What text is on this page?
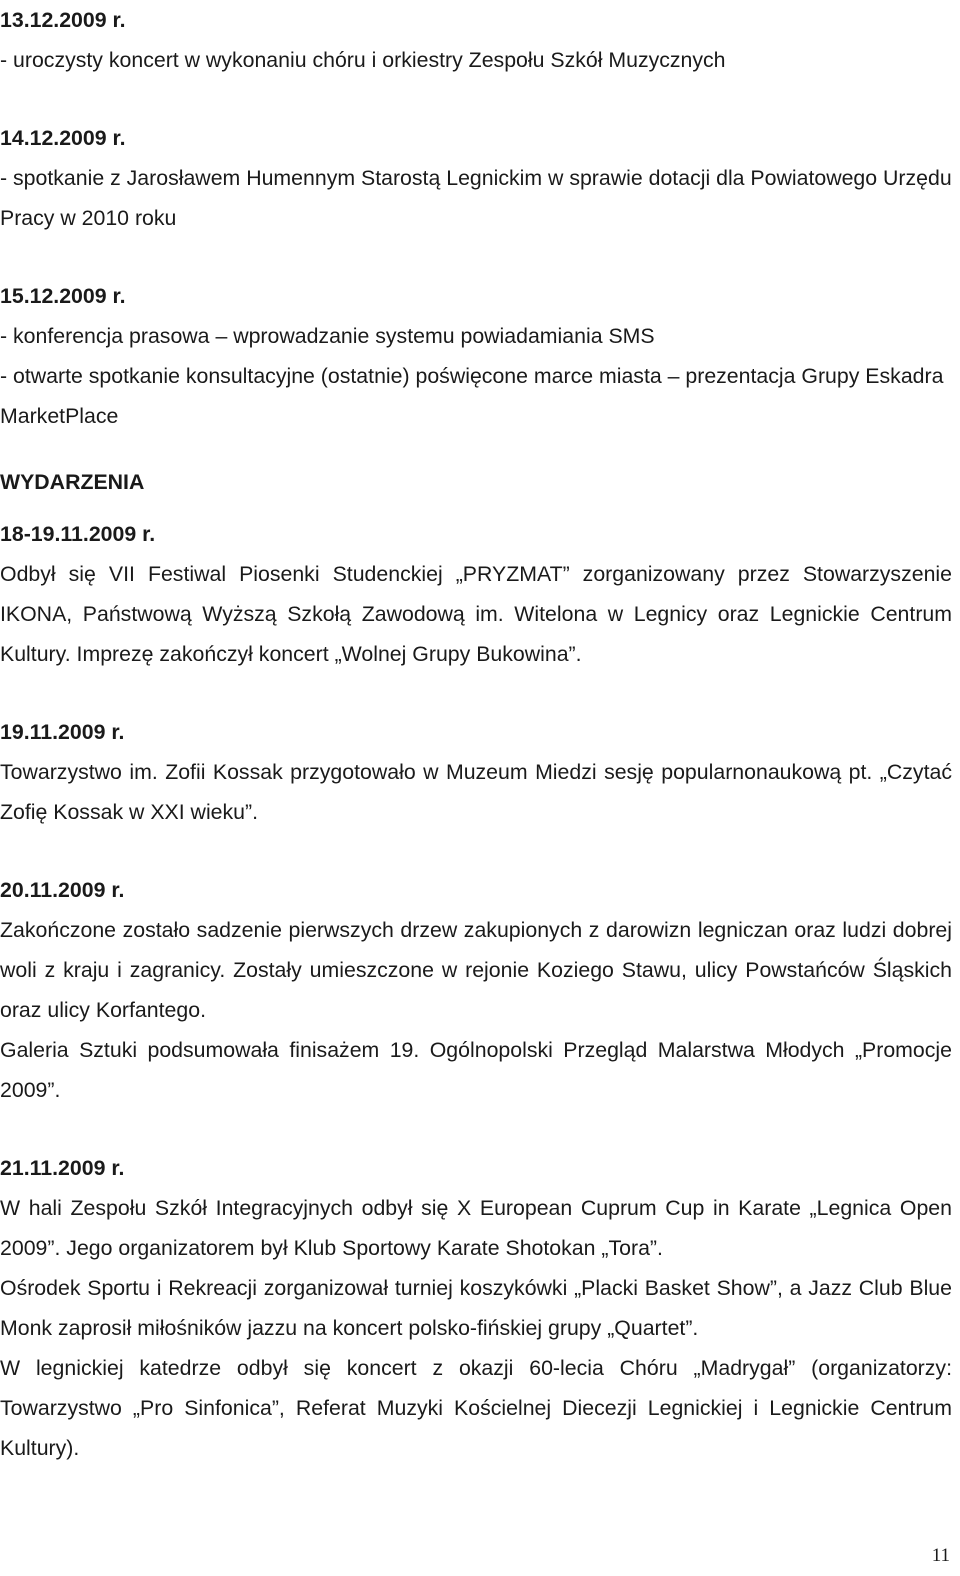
13.12.2009 r.

- uroczysty koncert w wykonaniu chóru i orkiestry Zespołu Szkół Muzycznych

14.12.2009 r.

- spotkanie z Jarosławem Humennym Starostą Legnickim w sprawie dotacji dla Powiatowego Urzędu Pracy w 2010 roku

15.12.2009 r.

- konferencja prasowa – wprowadzanie systemu powiadamiania SMS

- otwarte spotkanie konsultacyjne (ostatnie) poświęcone marce miasta – prezentacja Grupy Eskadra MarketPlace

WYDARZENIA

18-19.11.2009 r.

Odbył się VII Festiwal Piosenki Studenckiej „PRYZMAT” zorganizowany przez Stowarzyszenie IKONA, Państwową Wyższą Szkołą Zawodową im. Witelona w Legnicy oraz Legnickie Centrum Kultury. Imprezę zakończył koncert „Wolnej Grupy Bukowina”.

19.11.2009 r.

Towarzystwo im. Zofii Kossak przygotowało w Muzeum Miedzi sesję popularnonaukową pt. „Czytać Zofię Kossak w XXI wieku”.

20.11.2009 r.

Zakończone zostało sadzenie pierwszych drzew zakupionych z darowizn legniczan oraz ludzi dobrej woli z kraju i zagranicy. Zostały umieszczone w rejonie Koziego Stawu, ulicy Powstańców Śląskich oraz ulicy Korfantego.

Galeria Sztuki podsumowała finisażem 19. Ogólnopolski Przegląd Malarstwa Młodych „Promocje 2009”.

21.11.2009 r.

W hali Zespołu Szkół Integracyjnych odbył się X European Cuprum Cup in Karate „Legnica Open 2009”. Jego organizatorem był Klub Sportowy Karate Shotokan „Tora”.

Ośrodek Sportu i Rekreacji zorganizował turniej koszykówki „Placki Basket Show”, a Jazz Club Blue Monk zaprosił miłośników jazzu na koncert polsko-fińskiej grupy „Quartet”.

W legnickiej katedrze odbył się koncert z okazji 60-lecia Chóru „Madrygał” (organizatorzy: Towarzystwo „Pro Sinfonica”, Referat Muzyki Kościelnej Diecezji Legnickiej i Legnickie Centrum Kultury).

11
